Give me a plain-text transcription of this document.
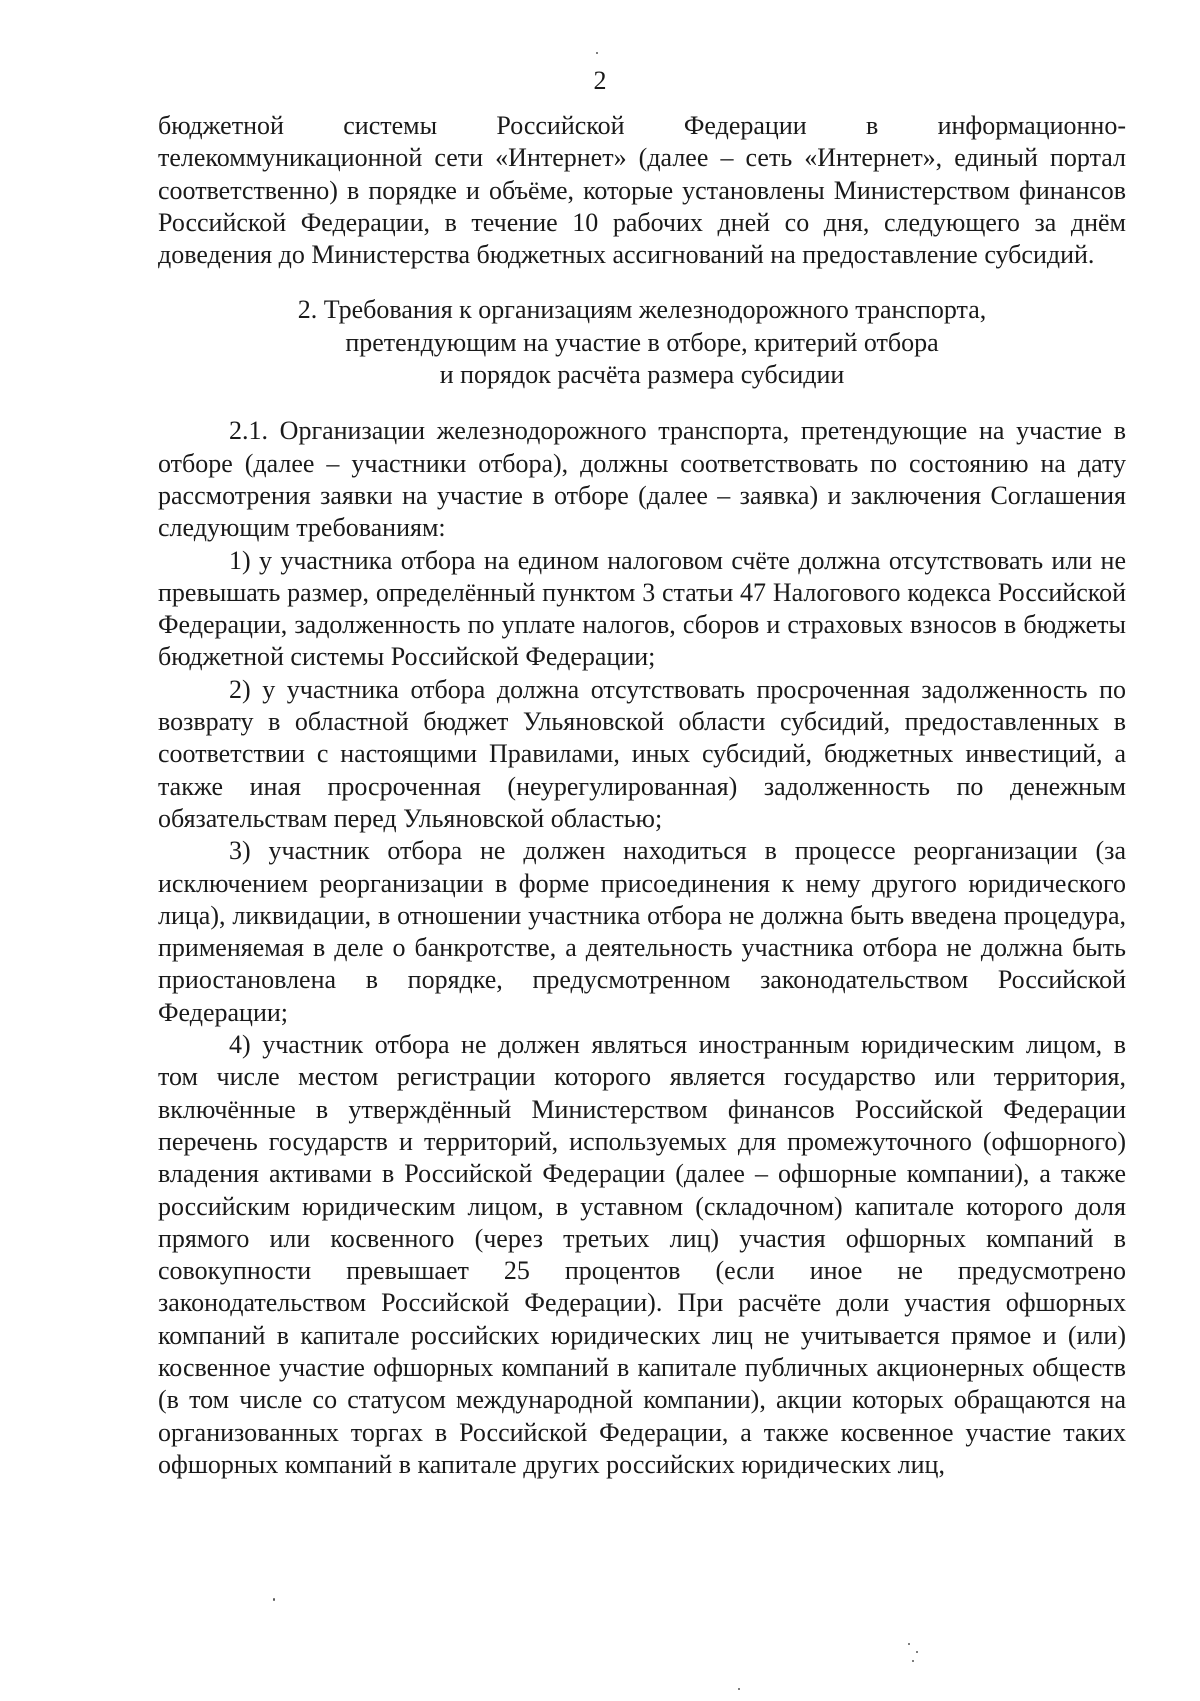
2

бюджетной системы Российской Федерации в информационно-телекоммуникационной сети «Интернет» (далее – сеть «Интернет», единый портал соответственно) в порядке и объёме, которые установлены Министерством финансов Российской Федерации, в течение 10 рабочих дней со дня, следующего за днём доведения до Министерства бюджетных ассигнований на предоставление субсидий.

2. Требования к организациям железнодорожного транспорта,
претендующим на участие в отборе, критерий отбора
и порядок расчёта размера субсидии

2.1. Организации железнодорожного транспорта, претендующие на участие в отборе (далее – участники отбора), должны соответствовать по состоянию на дату рассмотрения заявки на участие в отборе (далее – заявка) и заключения Соглашения следующим требованиям:

1) у участника отбора на едином налоговом счёте должна отсутствовать или не превышать размер, определённый пунктом 3 статьи 47 Налогового кодекса Российской Федерации, задолженность по уплате налогов, сборов и страховых взносов в бюджеты бюджетной системы Российской Федерации;

2) у участника отбора должна отсутствовать просроченная задолженность по возврату в областной бюджет Ульяновской области субсидий, предоставленных в соответствии с настоящими Правилами, иных субсидий, бюджетных инвестиций, а также иная просроченная (неурегулированная) задолженность по денежным обязательствам перед Ульяновской областью;

3) участник отбора не должен находиться в процессе реорганизации (за исключением реорганизации в форме присоединения к нему другого юридического лица), ликвидации, в отношении участника отбора не должна быть введена процедура, применяемая в деле о банкротстве, а деятельность участника отбора не должна быть приостановлена в порядке, предусмотренном законодательством Российской Федерации;

4) участник отбора не должен являться иностранным юридическим лицом, в том числе местом регистрации которого является государство или территория, включённые в утверждённый Министерством финансов Российской Федерации перечень государств и территорий, используемых для промежуточного (офшорного) владения активами в Российской Федерации (далее – офшорные компании), а также российским юридическим лицом, в уставном (складочном) капитале которого доля прямого или косвенного (через третьих лиц) участия офшорных компаний в совокупности превышает 25 процентов (если иное не предусмотрено законодательством Российской Федерации). При расчёте доли участия офшорных компаний в капитале российских юридических лиц не учитывается прямое и (или) косвенное участие офшорных компаний в капитале публичных акционерных обществ (в том числе со статусом международной компании), акции которых обращаются на организованных торгах в Российской Федерации, а также косвенное участие таких офшорных компаний в капитале других российских юридических лиц,
